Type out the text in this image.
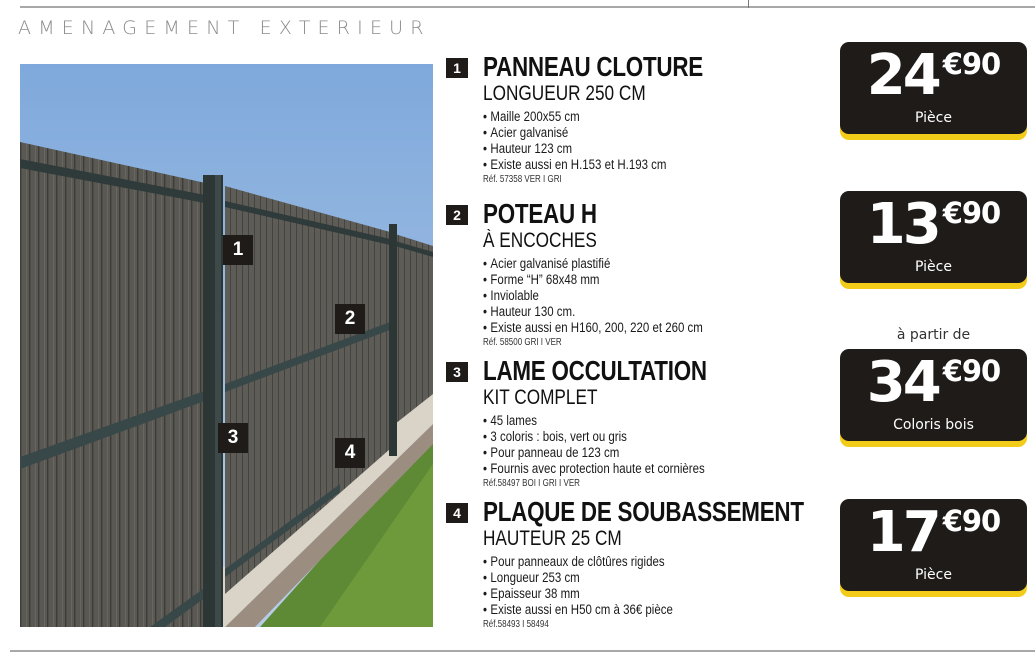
AMENAGEMENT EXTERIEUR
1
2
3
4
1 PANNEAU CLOTURE
LONGUEUR 250 CM
• Maille 200x55 cm
• Acier galvanisé
• Hauteur 123 cm
• Existe aussi en H.153 et H.193 cm
Réf. 57358 VER I GRI
2 POTEAU H
À ENCOCHES
• Acier galvanisé plastifié
• Forme “H” 68x48 mm
• Inviolable
• Hauteur 130 cm.
• Existe aussi en H160, 200, 220 et 260 cm
Réf. 58500 GRI I VER
3 LAME OCCULTATION
KIT COMPLET
• 45 lames
• 3 coloris : bois, vert ou gris
• Pour panneau de 123 cm
• Fournis avec protection haute et cornières
Réf.58497 BOI I GRI I VER
4 PLAQUE DE SOUBASSEMENT
HAUTEUR 25 CM
• Pour panneaux de clôtûres rigides
• Longueur 253 cm
• Epaisseur 38 mm
• Existe aussi en H50 cm à 36€ pièce
Réf.58493 I 58494
24 €90
Pièce
13 €90
Pièce
à partir de
34 €90
Coloris bois
17 €90
Pièce
